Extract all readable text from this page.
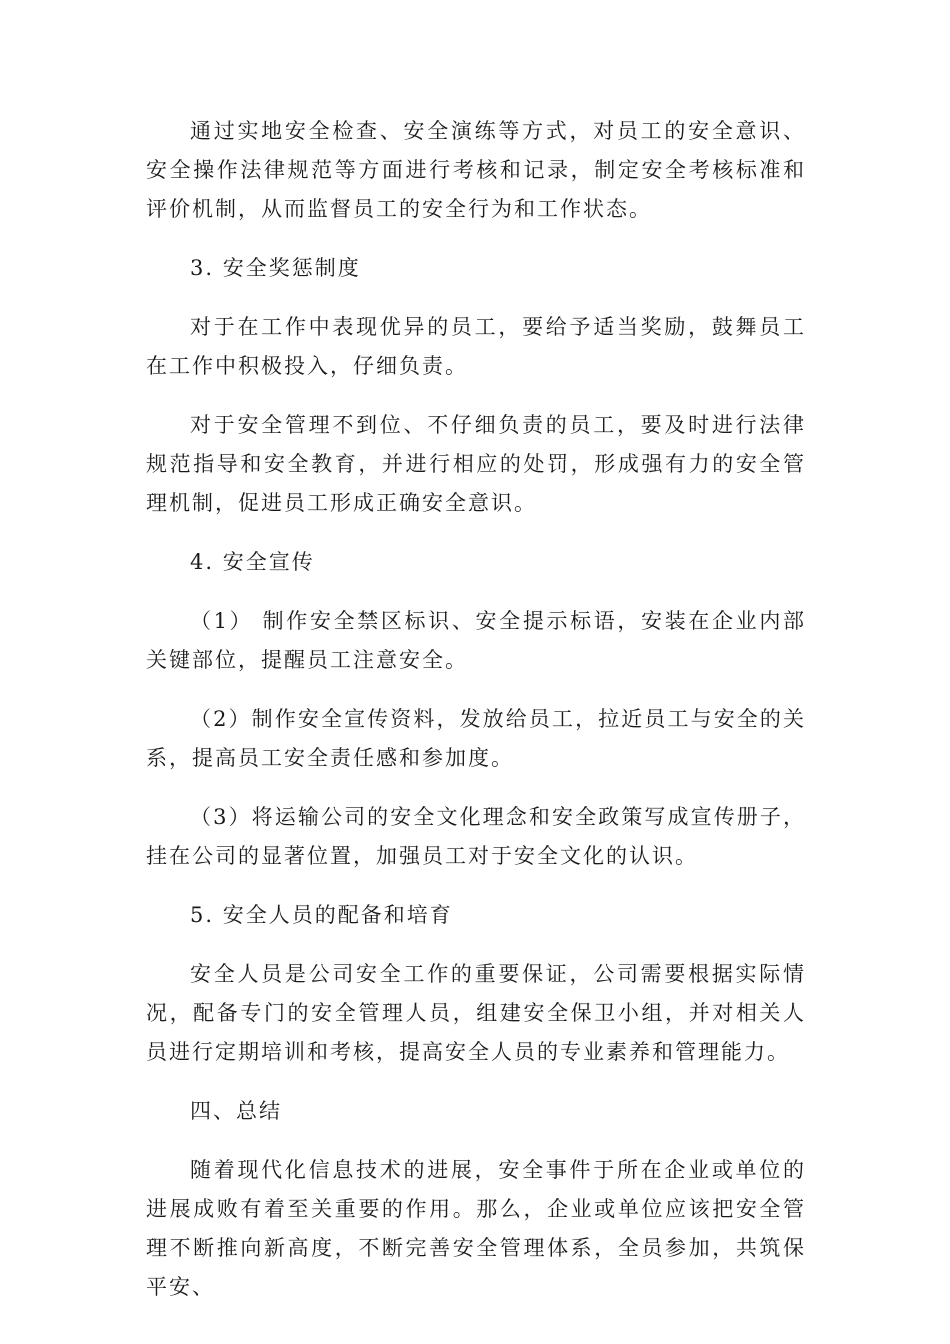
通过实地安全检查、安全演练等方式，对员工的安全意识、安全操作法律规范等方面进行考核和记录，制定安全考核标准和评价机制，从而监督员工的安全行为和工作状态。

3. 安全奖惩制度

对于在工作中表现优异的员工，要给予适当奖励，鼓舞员工在工作中积极投入，仔细负责。

对于安全管理不到位、不仔细负责的员工，要及时进行法律规范指导和安全教育，并进行相应的处罚，形成强有力的安全管理机制，促进员工形成正确安全意识。

4. 安全宣传

（1） 制作安全禁区标识、安全提示标语，安装在企业内部关键部位，提醒员工注意安全。

（2）制作安全宣传资料，发放给员工，拉近员工与安全的关系，提高员工安全责任感和参加度。

（3）将运输公司的安全文化理念和安全政策写成宣传册子，挂在公司的显著位置，加强员工对于安全文化的认识。

5. 安全人员的配备和培育

安全人员是公司安全工作的重要保证，公司需要根据实际情况，配备专门的安全管理人员，组建安全保卫小组，并对相关人员进行定期培训和考核，提高安全人员的专业素养和管理能力。

四、总结

随着现代化信息技术的进展，安全事件于所在企业或单位的进展成败有着至关重要的作用。那么，企业或单位应该把安全管理不断推向新高度，不断完善安全管理体系，全员参加，共筑保平安、
